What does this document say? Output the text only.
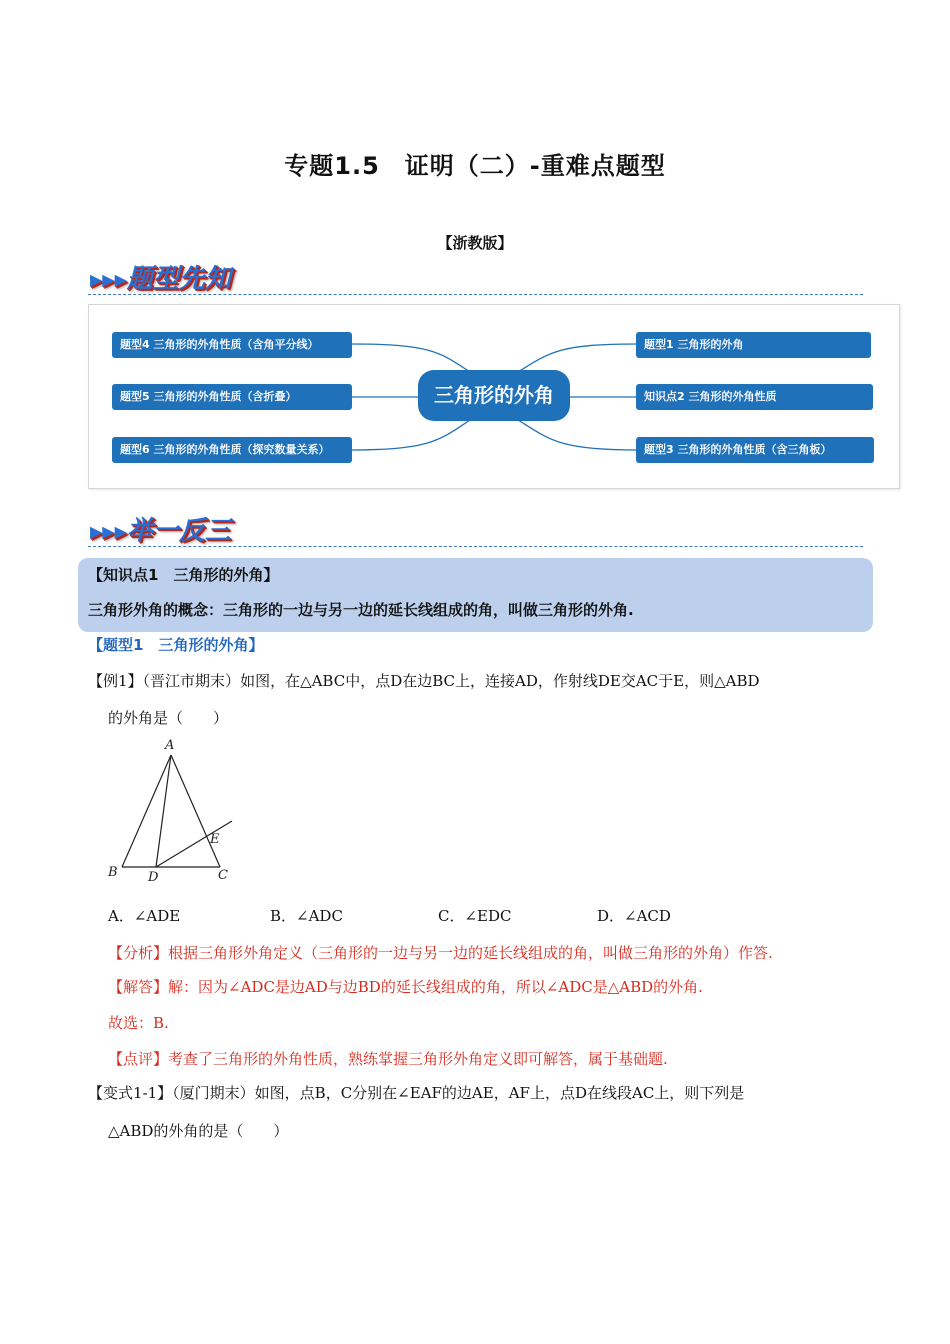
专题1.5　证明（二）-重难点题型
【浙教版】
▶▶▶题型先知
题型4 三角形的外角性质（含角平分线）
题型5 三角形的外角性质（含折叠）
题型6 三角形的外角性质（探究数量关系）
三角形的外角
题型1 三角形的外角
知识点2 三角形的外角性质
题型3 三角形的外角性质（含三角板）
▶▶▶举一反三
【知识点1　三角形的外角】
三角形外角的概念：三角形的一边与另一边的延长线组成的角，叫做三角形的外角.
【题型1　三角形的外角】
【例1】（晋江市期末）如图，在△ABC中，点D在边BC上，连接AD，作射线DE交AC于E，则△ABD
的外角是（　　）
A
B D	C
E
A．∠ADE	B．∠ADC	C．∠EDC	D．∠ACD
【分析】根据三角形外角定义（三角形的一边与另一边的延长线组成的角，叫做三角形的外角）作答.
【解答】解：因为∠ADC是边AD与边BD的延长线组成的角，所以∠ADC是△ABD的外角.
故选：B.
【点评】考查了三角形的外角性质，熟练掌握三角形外角定义即可解答，属于基础题.
【变式1-1】（厦门期末）如图，点B，C分别在∠EAF的边AE，AF上，点D在线段AC上，则下列是
△ABD的外角的是（　　）
